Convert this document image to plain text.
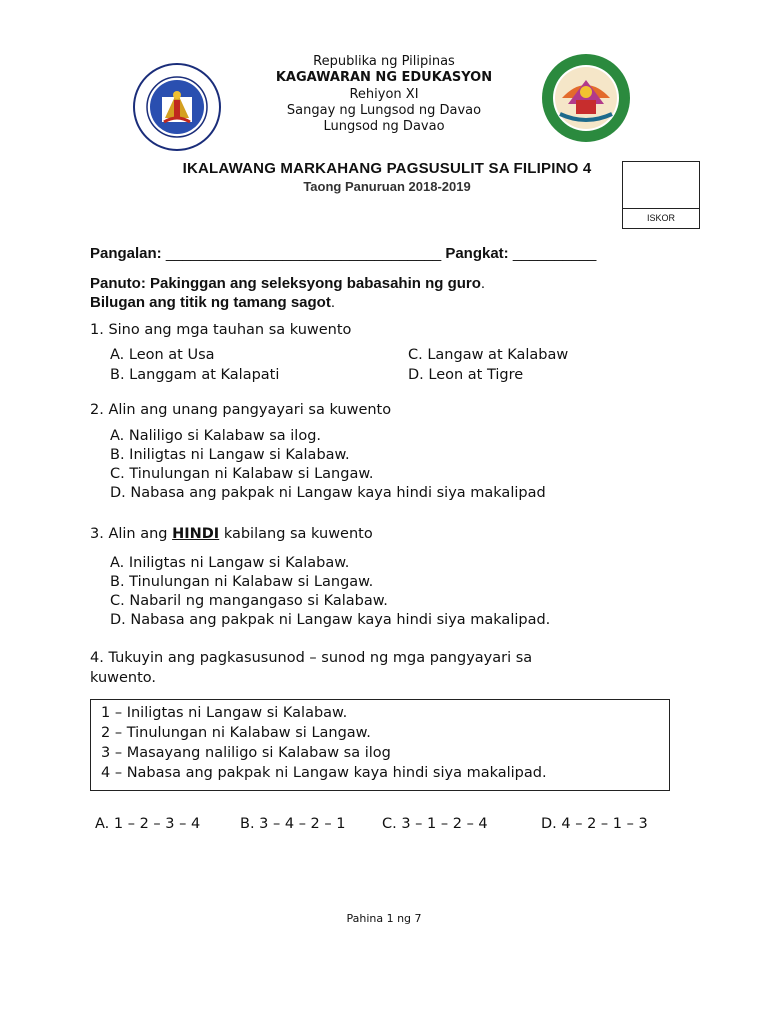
Republika ng Pilipinas
KAGAWARAN NG EDUKASYON
Rehiyon XI
Sangay ng Lungsod ng Davao
Lungsod ng Davao
IKALAWANG MARKAHANG PAGSUSULIT SA FILIPINO 4
Taong Panuruan 2018-2019
ISKOR
Pangalan: _________________________________ Pangkat: __________
Panuto: Pakinggan ang seleksyong babasahin ng guro.
Bilugan ang titik ng tamang sagot.
1. Sino ang mga tauhan sa kuwento
A. Leon at Usa	C. Langaw at Kalabaw
B. Langgam at Kalapati	D. Leon at Tigre
2. Alin ang unang pangyayari sa kuwento
A. Naliligo si Kalabaw sa ilog.
B. Iniligtas ni Langaw si Kalabaw.
C. Tinulungan ni Kalabaw si Langaw.
D. Nabasa ang pakpak ni Langaw kaya hindi siya makalipad
3. Alin ang HINDI kabilang sa kuwento
A. Iniligtas ni Langaw si Kalabaw.
B. Tinulungan ni Kalabaw si Langaw.
C. Nabaril ng mangangaso si Kalabaw.
D. Nabasa ang pakpak ni Langaw kaya hindi siya makalipad.
4. Tukuyin ang pagkasusunod – sunod ng mga pangyayari sa
kuwento.
1 – Iniligtas ni Langaw si Kalabaw.
2 – Tinulungan ni Kalabaw si Langaw.
3 – Masayang naliligo si Kalabaw sa ilog
4 – Nabasa ang pakpak ni Langaw kaya hindi siya makalipad.
A. 1 – 2 – 3 – 4	B. 3 – 4 – 2 – 1	C. 3 – 1 – 2 – 4	D. 4 – 2 – 1 – 3
Pahina 1 ng 7
